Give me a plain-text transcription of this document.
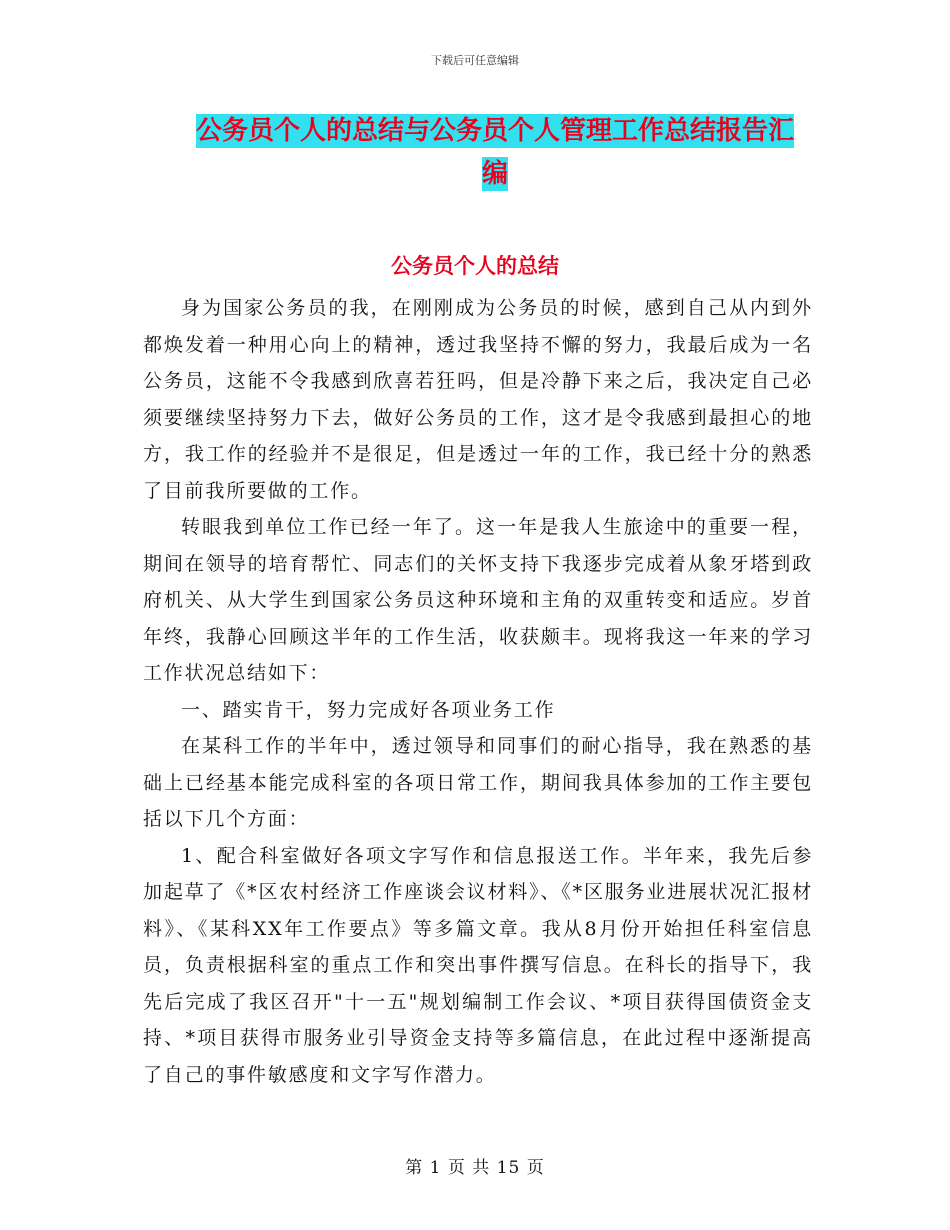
下载后可任意编辑
公务员个人的总结与公务员个人管理工作总结报告汇
编
公务员个人的总结

身为国家公务员的我，在刚刚成为公务员的时候，感到自己从内到外都焕发着一种用心向上的精神，透过我坚持不懈的努力，我最后成为一名公务员，这能不令我感到欣喜若狂吗，但是冷静下来之后，我决定自己必须要继续坚持努力下去，做好公务员的工作，这才是令我感到最担心的地方，我工作的经验并不是很足，但是透过一年的工作，我已经十分的熟悉了目前我所要做的工作。

转眼我到单位工作已经一年了。这一年是我人生旅途中的重要一程，期间在领导的培育帮忙、同志们的关怀支持下我逐步完成着从象牙塔到政府机关、从大学生到国家公务员这种环境和主角的双重转变和适应。岁首年终，我静心回顾这半年的工作生活，收获颇丰。现将我这一年来的学习工作状况总结如下：

一、踏实肯干，努力完成好各项业务工作

在某科工作的半年中，透过领导和同事们的耐心指导，我在熟悉的基础上已经基本能完成科室的各项日常工作，期间我具体参加的工作主要包括以下几个方面：

1、配合科室做好各项文字写作和信息报送工作。半年来，我先后参加起草了《*区农村经济工作座谈会议材料》、《*区服务业进展状况汇报材料》、《某科XX年工作要点》等多篇文章。我从8月份开始担任科室信息员，负责根据科室的重点工作和突出事件撰写信息。在科长的指导下，我先后完成了我区召开"十一五"规划编制工作会议、*项目获得国债资金支持、*项目获得市服务业引导资金支持等多篇信息，在此过程中逐渐提高了自己的事件敏感度和文字写作潜力。

第 1 页 共 15 页
